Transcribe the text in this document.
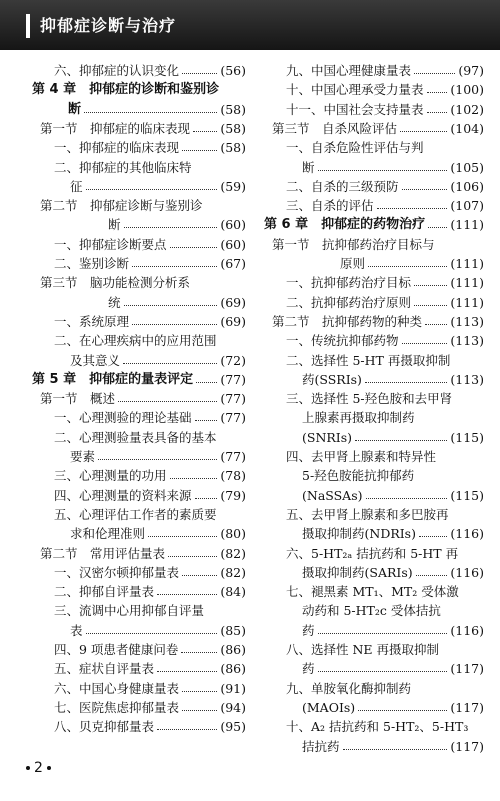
抑郁症诊断与治疗
六、抑郁症的认识变化	(56)
第 4 章　抑郁症的诊断和鉴别诊
断	(58)
第一节　抑郁症的临床表现 (58)
一、抑郁症的临床表现	(58)
二、抑郁症的其他临床特
征	(59)
第二节　抑郁症诊断与鉴别诊
断	(60)
一、抑郁症诊断要点	(60)
二、鉴别诊断	(67)
第三节　脑功能检测分析系
统	(69)
一、系统原理	(69)
二、在心理疾病中的应用范围
及其意义	(72)
第 5 章　抑郁症的量表评定 (77)
第一节　概述	(77)
一、心理测验的理论基础 (77)
二、心理测验量表具备的基本
要素	(77)
三、心理测量的功用	(78)
四、心理测量的资料来源 (79)
五、心理评估工作者的素质要
求和伦理准则	(80)
第二节　常用评估量表	(82)
一、汉密尔顿抑郁量表	(82)
二、抑郁自评量表	(84)
三、流调中心用抑郁自评量
表	(85)
四、9 项患者健康问卷	(86)
五、症状自评量表	(86)
六、中国心身健康量表	(91)
七、医院焦虑抑郁量表	(94)
八、贝克抑郁量表	(95)
九、中国心理健康量表	(97)
十、中国心理承受力量表 (100)
十一、中国社会支持量表 (102)
第三节　自杀风险评估	(104)
一、自杀危险性评估与判
断	(105)
二、自杀的三级预防	(106)
三、自杀的评估	(107)
第 6 章　抑郁症的药物治疗 (111)
第一节　抗抑郁药治疗目标与
原则	(111)
一、抗抑郁药治疗目标	(111)
二、抗抑郁药治疗原则	(111)
第二节　抗抑郁药物的种类 (113)
一、传统抗抑郁药物	(113)
二、选择性 5-HT 再摄取抑制
药(SSRIs)	(113)
三、选择性 5-羟色胺和去甲肾
上腺素再摄取抑制药
(SNRIs)	(115)
四、去甲肾上腺素和特异性
5-羟色胺能抗抑郁药
(NaSSAs)	(115)
五、去甲肾上腺素和多巴胺再
摄取抑制药(NDRIs)	(116)
六、5-HT₂ₐ 拮抗药和 5-HT 再
摄取抑制药(SARIs)	(116)
七、褪黑素 MT₁、MT₂ 受体激
动药和 5-HT₂c 受体拮抗
药	(116)
八、选择性 NE 再摄取抑制
药	(117)
九、单胺氧化酶抑制药
(MAOIs)	(117)
十、A₂ 拮抗药和 5-HT₂、5-HT₃
拮抗药	(117)
2
